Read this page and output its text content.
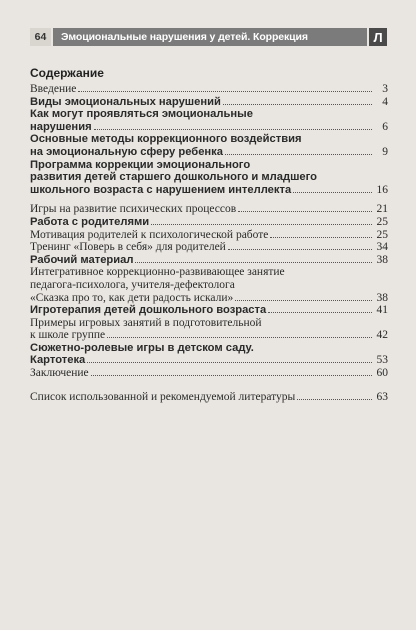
64	Эмоциональные нарушения у детей. Коррекция	Л
Содержание
Введение	3
Виды эмоциональных нарушений	4
Как могут проявляться эмоциональные
нарушения	6
Основные методы коррекционного воздействия
на эмоциональную сферу ребенка	9
Программа коррекции эмоционального
развития детей старшего дошкольного и младшего
школьного возраста с нарушением интеллекта	16
Игры на развитие психических процессов	21
Работа с родителями	25
Мотивация родителей к психологической работе	25
Тренинг «Поверь в себя» для родителей	34
Рабочий материал	38
Интегративное коррекционно-развивающее занятие
педагога-психолога, учителя-дефектолога
«Сказка про то, как дети радость искали»	38
Игротерапия детей дошкольного возраста	41
Примеры игровых занятий в подготовительной
к школе группе	42
Сюжетно-ролевые игры в детском саду.
Картотека	53
Заключение	60
Список использованной и рекомендуемой литературы	63
